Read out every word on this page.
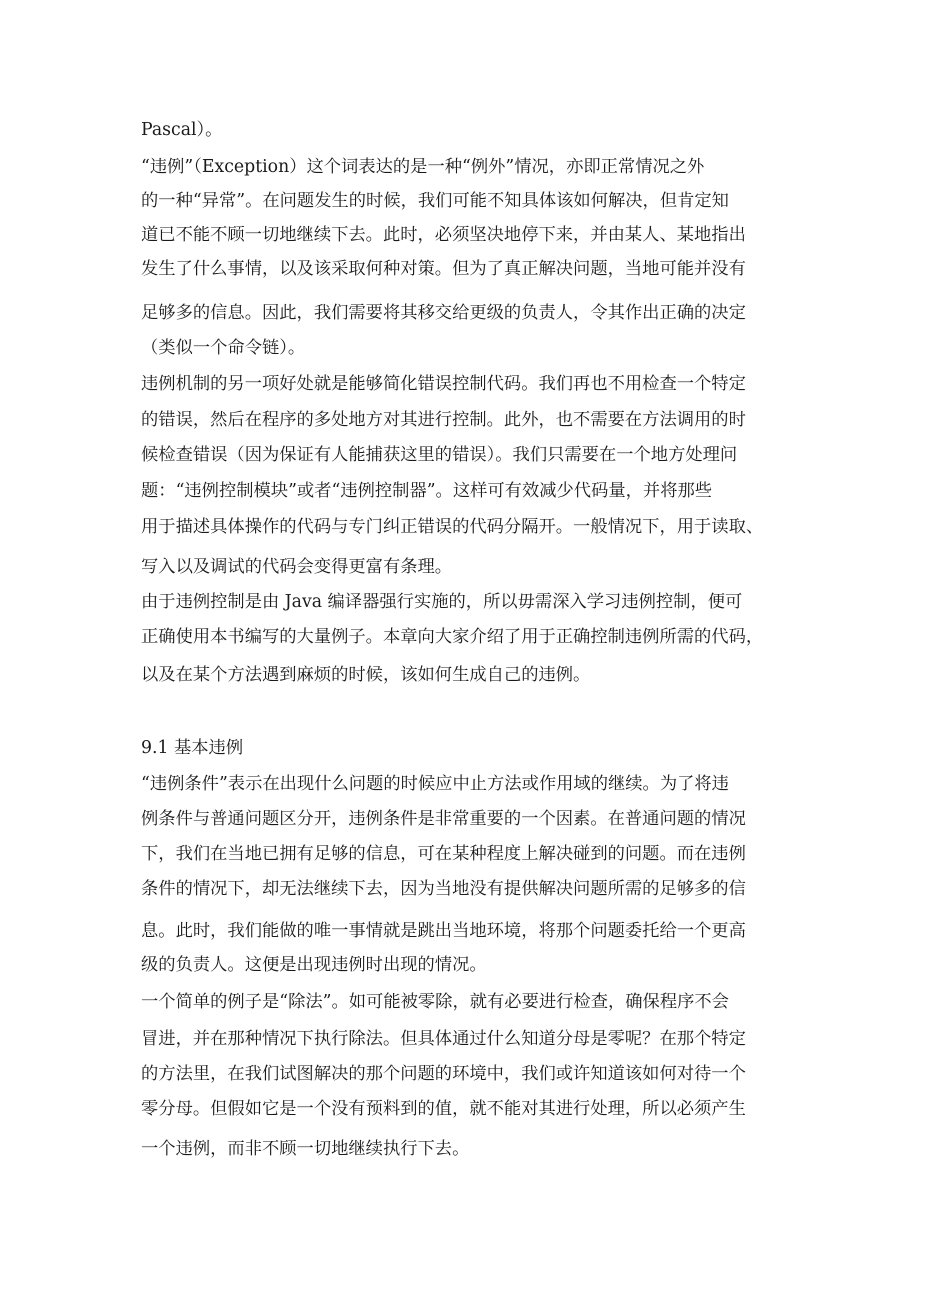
Pascal）。
“违例”（Exception）这个词表达的是一种“例外”情况，亦即正常情况之外
的一种“异常”。在问题发生的时候，我们可能不知具体该如何解决，但肯定知
道已不能不顾一切地继续下去。此时，必须坚决地停下来，并由某人、某地指出
发生了什么事情，以及该采取何种对策。但为了真正解决问题，当地可能并没有
足够多的信息。因此，我们需要将其移交给更级的负责人，令其作出正确的决定
（类似一个命令链）。
违例机制的另一项好处就是能够简化错误控制代码。我们再也不用检查一个特定
的错误，然后在程序的多处地方对其进行控制。此外，也不需要在方法调用的时
候检查错误（因为保证有人能捕获这里的错误）。我们只需要在一个地方处理问
题：“违例控制模块”或者“违例控制器”。这样可有效减少代码量，并将那些
用于描述具体操作的代码与专门纠正错误的代码分隔开。一般情况下，用于读取、
写入以及调试的代码会变得更富有条理。
由于违例控制是由 Java 编译器强行实施的，所以毋需深入学习违例控制，便可
正确使用本书编写的大量例子。本章向大家介绍了用于正确控制违例所需的代码，
以及在某个方法遇到麻烦的时候，该如何生成自己的违例。
9.1 基本违例
“违例条件”表示在出现什么问题的时候应中止方法或作用域的继续。为了将违
例条件与普通问题区分开，违例条件是非常重要的一个因素。在普通问题的情况
下，我们在当地已拥有足够的信息，可在某种程度上解决碰到的问题。而在违例
条件的情况下，却无法继续下去，因为当地没有提供解决问题所需的足够多的信
息。此时，我们能做的唯一事情就是跳出当地环境，将那个问题委托给一个更高
级的负责人。这便是出现违例时出现的情况。
一个简单的例子是“除法”。如可能被零除，就有必要进行检查，确保程序不会
冒进，并在那种情况下执行除法。但具体通过什么知道分母是零呢？在那个特定
的方法里，在我们试图解决的那个问题的环境中，我们或许知道该如何对待一个
零分母。但假如它是一个没有预料到的值，就不能对其进行处理，所以必须产生
一个违例，而非不顾一切地继续执行下去。
